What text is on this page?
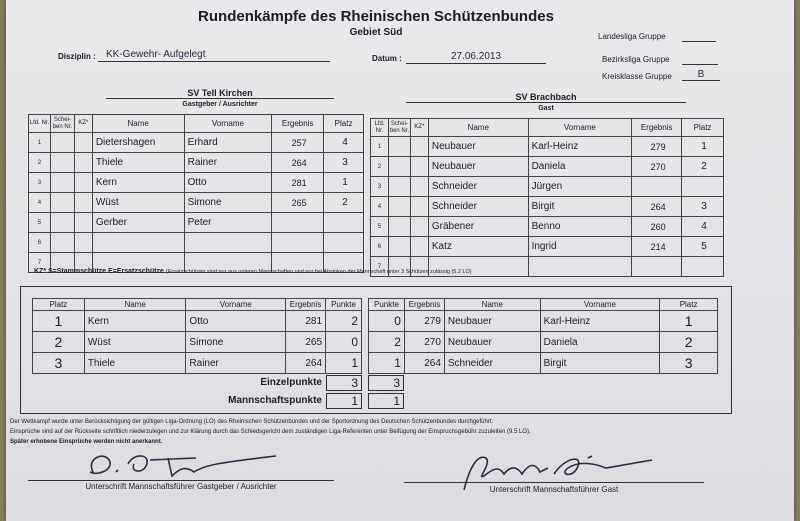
Rundenkämpfe des Rheinischen Schützenbundes
Gebiet Süd
Disziplin :	KK-Gewehr- Aufgelegt	Datum :	27.06.2013
Landesliga Gruppe
Bezirksliga Gruppe
Kreisklasse Gruppe	B
SV Tell Kirchen
Gastgeber / Ausrichter
SV Brachbach
Gast
Lfd. Nr.	Schei- ben Nr.	KZ*	Name	Vorname	Ergebnis	Platz
1			Dietershagen	Erhard	257	4
2			Thiele	Rainer	264	3
3			Kern	Otto	281	1
4			Wüst	Simone	265	2
5			Gerber	Peter		
6						
7						
Lfd. Nr.	Schei- ben Nr.	KZ*	Name	Vorname	Ergebnis	Platz
1			Neubauer	Karl-Heinz	279	1
2			Neubauer	Daniela	270	2
3			Schneider	Jürgen		
4			Schneider	Birgit	264	3
5			Gräbener	Benno	260	4
6			Katz	Ingrid	214	5
7						
KZ* S=Stammschütze E=Ersatzschütze (Ersatzschützen sind nur aus unteren Mannschaften und nur bei Absinken der Mannschaft unter 3 Schützen zulässig (5.2 LO)
Platz	Name	Vorname	Ergebnis	Punkte
1	Kern	Otto	281	2
2	Wüst	Simone	265	0
3	Thiele	Rainer	264	1
Punkte	Ergebnis	Name	Vorname	Platz
0	279	Neubauer	Karl-Heinz	1
2	270	Neubauer	Daniela	2
1	264	Schneider	Birgit	3
Einzelpunkte	3	3
Mannschaftspunkte	1	1
Der Wettkampf wurde unter Berücksichtigung der gültigen Liga-Ordnung (LO) des Rheinischen Schützenbundes und der Sportordnung des Deutschen Schützenbundes durchgeführt.
Einsprüche sind auf der Rückseite schriftlich niederzulegen und zur Klärung durch das Schiedsgericht dem zuständigen Liga-Referenten unter Beifügung der Einspruchsgebühr zuzuleiten (9.5 LO).
Später erhobene Einsprüche werden nicht anerkannt.
Unterschrift Mannschaftsführer Gastgeber / Ausrichter	Unterschrift Mannschaftsführer Gast
